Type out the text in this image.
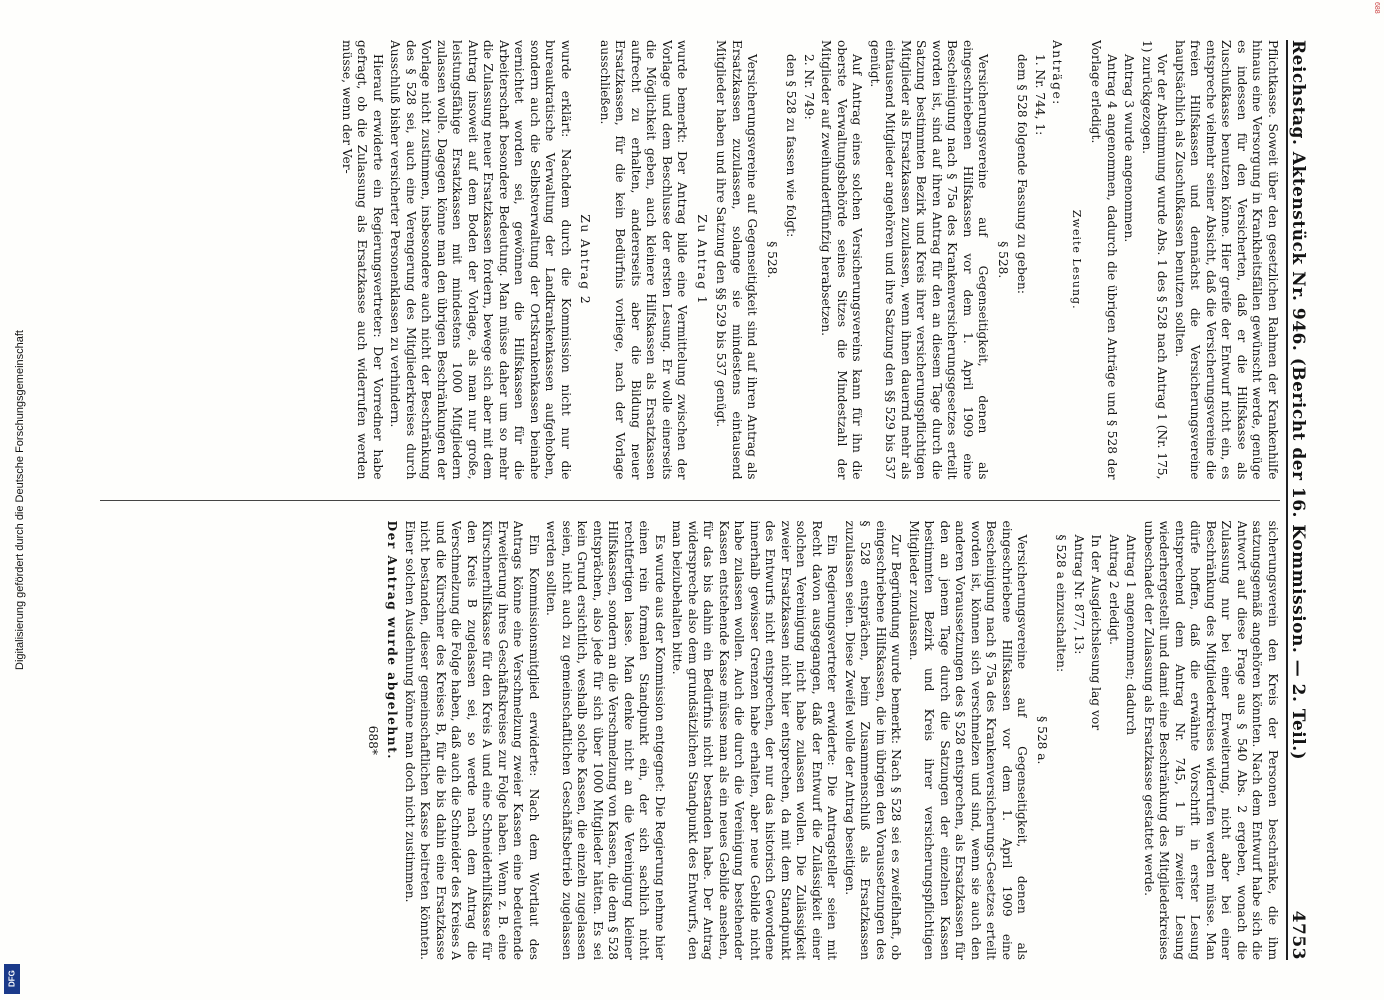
Digitalisierung gefördert durch die Deutsche Forschungsgemeinschaft
DFG
688
Reichstag. Aktenstück Nr. 946. (Bericht der 16. Kommission. — 2. Teil.)
4753

Pflichtkasse. Soweit über den gesetzlichen Rahmen der Krankenhilfe hinaus eine Versorgung in Krankheitsfällen gewünscht werde, genüge es indessen für den Versicherten, daß er die Hilfskasse als Zuschußkasse benutzen könne. Hier greife der Entwurf nicht ein, es entspreche vielmehr seiner Absicht, daß die Versicherungsvereine die freien Hilfskassen und dennächst die Versicherungsvereine hauptsächlich als Zuschußkassen benutzen sollten.

Vor der Abstimmung wurde Abs. 1 des § 528 nach Antrag 1 (Nr. 175, 1) zurückgezogen.

Antrag 3 wurde angenommen.

Antrag 4 angenommen, dadurch die übrigen Anträge und § 528 der Vorlage erledigt.

Zweite Lesung.

Anträge:

1. Nr. 744, 1:

dem § 528 folgende Fassung zu geben:

§ 528.

Versicherungsvereine auf Gegenseitigkeit, denen als eingeschriebenen Hilfskassen vor dem 1. April 1909 eine Bescheinigung nach § 75a des Krankenversicherungsgesetzes erteilt worden ist, sind auf ihren Antrag für den an diesem Tage durch die Satzung bestimmten Bezirk und Kreis ihrer versicherungspflichtigen Mitglieder als Ersatzkassen zuzulassen, wenn ihnen dauernd mehr als eintausend Mitglieder angehören und ihre Satzung den §§ 529 bis 537 genügt.

Auf Antrag eines solchen Versicherungsvereins kann für ihn die oberste Verwaltungsbehörde seines Sitzes die Mindestzahl der Mitglieder auf zweihundertfünfzig herabsetzen.

2. Nr. 749:

den § 528 zu fassen wie folgt:

§ 528.

Versicherungsvereine auf Gegenseitigkeit sind auf ihren Antrag als Ersatzkassen zuzulassen, solange sie mindestens eintausend Mitglieder haben und ihre Satzung den §§ 529 bis 537 genügt.

Zu Antrag 1

wurde bemerkt: Der Antrag bilde eine Vermittelung zwischen der Vorlage und dem Beschlusse der ersten Lesung. Er wolle einerseits die Möglichkeit geben, auch kleinere Hilfskassen als Ersatzkassen aufrecht zu erhalten, andererseits aber die Bildung neuer Ersatzkassen, für die kein Bedürfnis vorliege, nach der Vorlage ausschließen.

Zu Antrag 2

wurde erklärt: Nachdem durch die Kommission nicht nur die bureaukratische Verwaltung der Landkrankenkassen aufgehoben, sondern auch die Selbstverwaltung der Ortskrankenkassen beinahe vernichtet worden sei, gewönnen die Hilfskassen für die Arbeiterschaft besondere Bedeutung. Man müsse daher um so mehr die Zulassung neuer Ersatzkassen fordern, bewege sich aber mit dem Antrag insoweit auf dem Boden der Vorlage, als man nur große, leistungsfähige Ersatzkassen mit mindestens 1000 Mitgliedern zulassen wolle. Dagegen könne man den übrigen Beschränkungen der Vorlage nicht zustimmen, insbesondere auch nicht der Beschränkung des § 528 sei, auch eine Verengerung des Mitgliederkreises durch Ausschluß bisher versicherter Personenklassen zu verhindern.

Hierauf erwiderte ein Regierungsvertreter: Der Vorredner habe gefragt, ob die Zulassung als Ersatzkasse auch widerrufen werden müsse, wenn der Ver-

sicherungsverein den Kreis der Personen beschränke, die ihm satzungsgemäß angehören könnten. Nach dem Entwurf habe sich die Antwort auf diese Frage aus § 540 Abs. 2 ergeben, wonach die Zulassung nur bei einer Erweiterung, nicht aber bei einer Beschränkung des Mitgliederkreises widerrufen werden müsse. Man dürfe hoffen, daß die erwähnte Vorschrift in erster Lesung entsprechend dem Antrag Nr. 745, 1 in zweiter Lesung wiederhergestellt und damit eine Beschränkung des Mitgliederkreises unbeschadet der Zulassung als Ersatzkasse gestattet werde.

Antrag 1 angenommen; dadurch

Antrag 2 erledigt.

In der Ausgleichslesung lag vor

Antrag Nr. 877, 13:

§ 528 a einzuschalten:

§ 528 a.

Versicherungsvereine auf Gegenseitigkeit, denen als eingeschriebene Hilfskassen vor dem 1. April 1909 eine Bescheinigung nach § 75a des Krankenversicherungs-Gesetzes erteilt worden ist, können sich verschmelzen und sind, wenn sie auch den anderen Voraussetzungen des § 528 entsprechen, als Ersatzkassen für den an jenem Tage durch die Satzungen der einzelnen Kassen bestimmten Bezirk und Kreis ihrer versicherungspflichtigen Mitglieder zuzulassen.

Zur Begründung wurde bemerkt: Nach § 528 sei es zweifelhaft, ob eingeschriebene Hilfskassen, die im übrigen den Voraussetzungen des § 528 entsprächen, beim Zusammenschluß als Ersatzkassen zuzulassen seien. Diese Zweifel wolle der Antrag beseitigen.

Ein Regierungsvertreter erwiderte: Die Antragsteller seien mit Recht davon ausgegangen, daß der Entwurf die Zulässigkeit einer solchen Vereinigung nicht habe zulassen wollen. Die Zulässigkeit zweier Ersatzkassen nicht hier entsprechen, da mit dem Standpunkt des Entwurfs nicht entsprechen, der nur das historisch Gewordene innerhalb gewisser Grenzen habe erhalten, aber neue Gebilde nicht habe zulassen wollen. Auch die durch die Vereinigung bestehender Kassen entstehende Kasse müsse man als ein neues Gebilde ansehen, für das bis dahin ein Bedürfnis nicht bestanden habe. Der Antrag widerspreche also dem grundsätzlichen Standpunkt des Entwurfs, den man beizubehalten bitte.

Es wurde aus der Kommission entgegnet: Die Regierung nehme hier einen rein formalen Standpunkt ein, der sich sachlich nicht rechtfertigen lasse. Man denke nicht an die Vereinigung kleiner Hilfskassen, sondern an die Verschmelzung von Kassen, die dem § 528 entsprächen, also jede für sich über 1000 Mitglieder hätten. Es sei kein Grund ersichtlich, weshalb solche Kassen, die einzeln zugelassen seien, nicht auch zu gemeinschaftlichen Geschäftsbetrieb zugelassen werden sollten.

Ein Kommissionsmitglied erwiderte: Nach dem Wortlaut des Antrags könne eine Verschmelzung zweier Kassen eine bedeutende Erweiterung ihres Geschäftskreises zur Folge haben. Wenn z. B. eine Kürschnerhilfskasse für den Kreis A und eine Schneiderhilfskasse für den Kreis B zugelassen sei, so werde nach dem Antrag die Verschmelzung die Folge haben, daß auch die Schneider des Kreises A und die Kürschner des Kreises B, für die bis dahin eine Ersatzkasse nicht bestanden, dieser gemeinschaftlichen Kasse beitreten könnten. Einer solchen Ausdehnung könne man doch nicht zustimmen.

Der Antrag wurde abgelehnt.

688*
